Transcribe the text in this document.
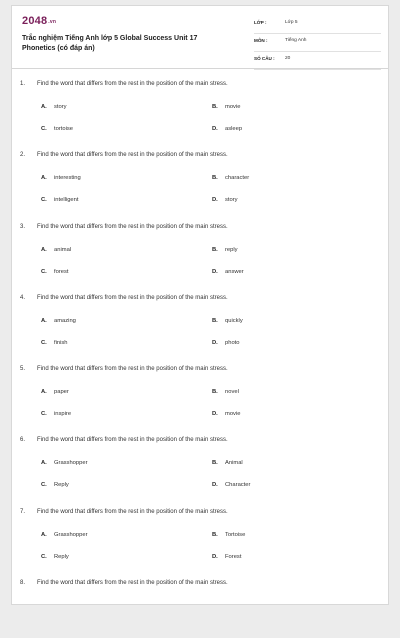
2048.vn
Trắc nghiệm Tiếng Anh lớp 5 Global Success Unit 17 Phonetics (có đáp án)
LỚP :	Lớp 5
MÔN :	Tiếng Anh
SỐ CÂU : 20
1. Find the word that differs from the rest in the position of the main stress.
A. story	B. movie
C. tortoise	D. asleep
2. Find the word that differs from the rest in the position of the main stress.
A. interesting	B. character
C. intelligent	D. story
3. Find the word that differs from the rest in the position of the main stress.
A. animal	B. reply
C. forest	D. answer
4. Find the word that differs from the rest in the position of the main stress.
A. amazing	B. quickly
C. finish	D. photo
5. Find the word that differs from the rest in the position of the main stress.
A. paper	B. novel
C. inspire	D. movie
6. Find the word that differs from the rest in the position of the main stress.
A. Grasshopper	B. Animal
C. Reply	D. Character
7. Find the word that differs from the rest in the position of the main stress.
A. Grasshopper	B. Tortoise
C. Reply	D. Forest
8. Find the word that differs from the rest in the position of the main stress.
